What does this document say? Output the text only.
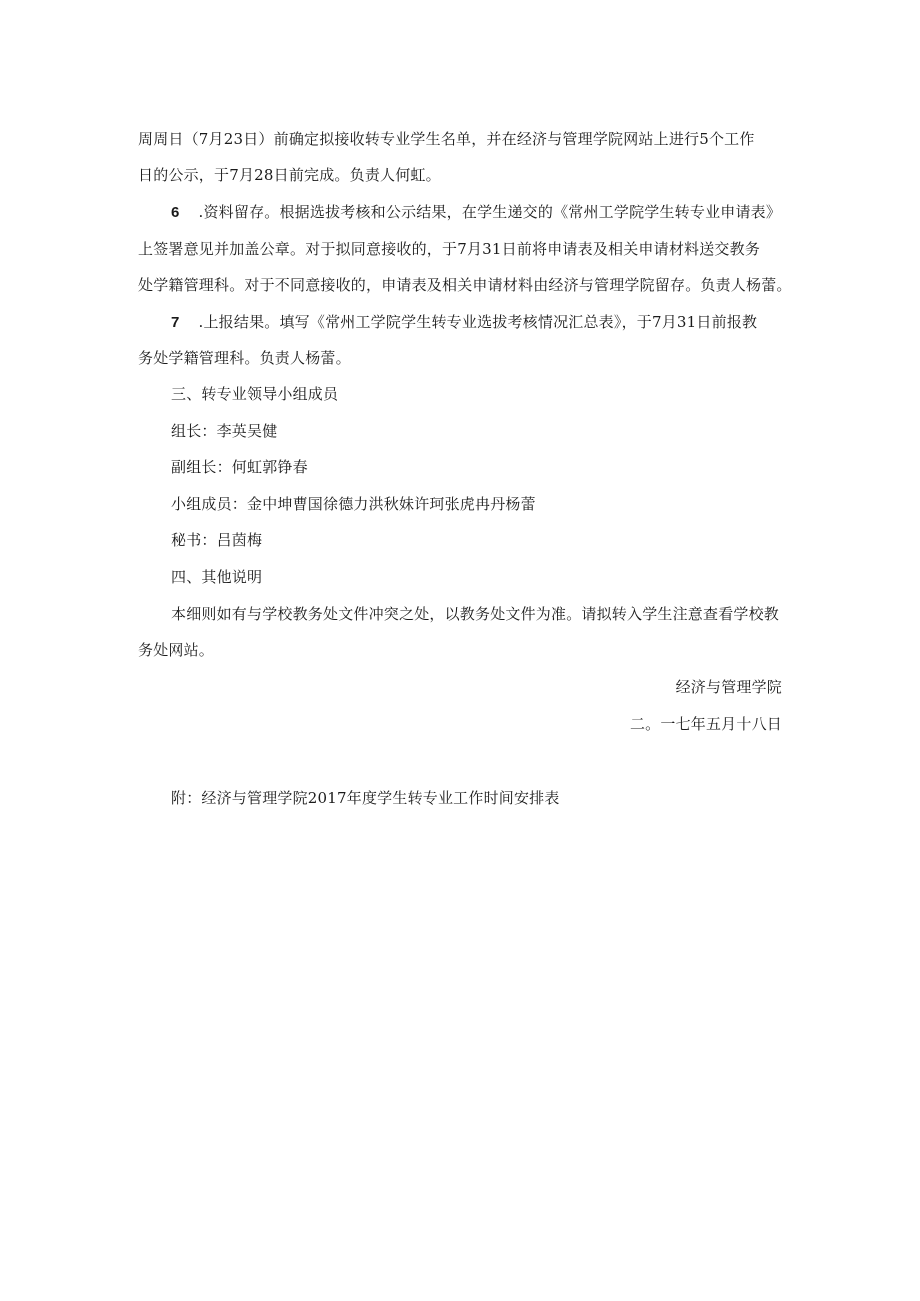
周周日（7月23日）前确定拟接收转专业学生名单，并在经济与管理学院网站上进行5个工作
日的公示，于7月28日前完成。负责人何虹。
6 .资料留存。根据选拔考核和公示结果，在学生递交的《常州工学院学生转专业申请表》
上签署意见并加盖公章。对于拟同意接收的，于7月31日前将申请表及相关申请材料送交教务
处学籍管理科。对于不同意接收的，申请表及相关申请材料由经济与管理学院留存。负责人杨蕾。
7 .上报结果。填写《常州工学院学生转专业选拔考核情况汇总表》，于7月31日前报教
务处学籍管理科。负责人杨蕾。
三、转专业领导小组成员
组长：李英吴健
副组长：何虹郭铮春
小组成员：金中坤曹国徐德力洪秋妹许珂张虎冉丹杨蕾
秘书：吕茵梅
四、其他说明
本细则如有与学校教务处文件冲突之处，以教务处文件为准。请拟转入学生注意查看学校教
务处网站。
经济与管理学院
二。一七年五月十八日
附：经济与管理学院2017年度学生转专业工作时间安排表
